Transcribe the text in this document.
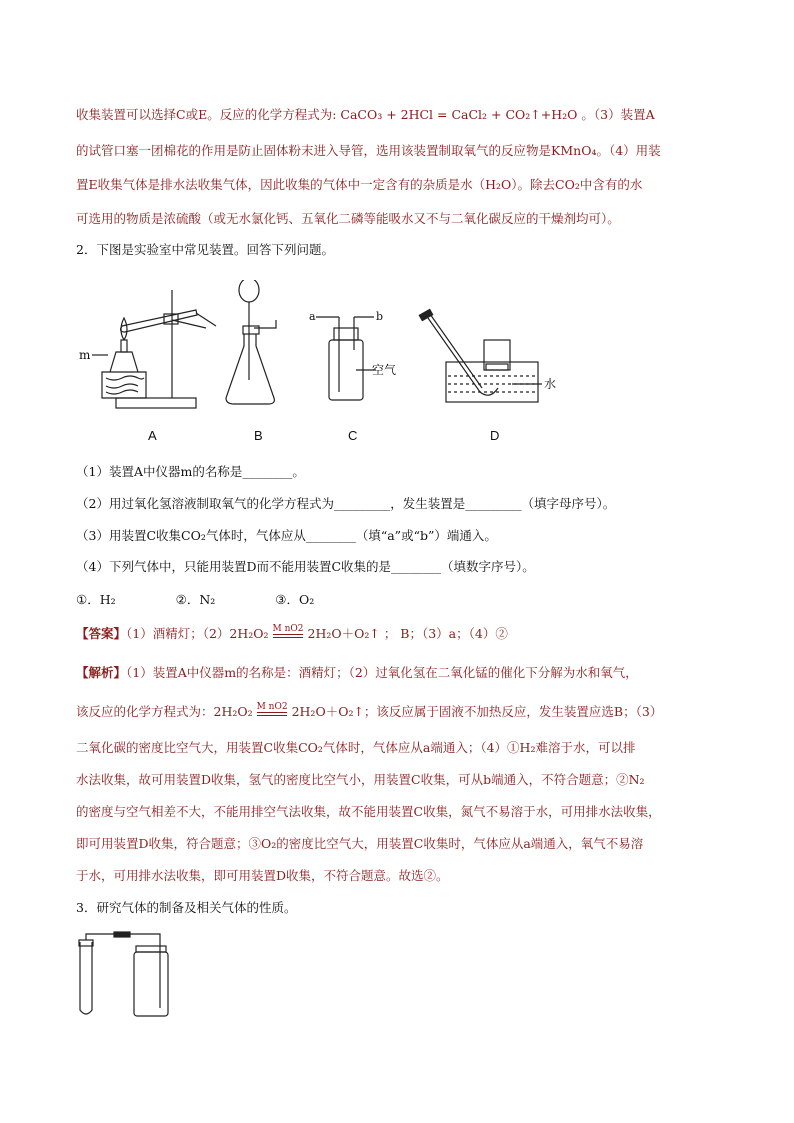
收集装置可以选择C或E。反应的化学方程式为: CaCO₃ + 2HCl = CaCl₂ + CO₂↑+H₂O 。（3）装置A
的试管口塞一团棉花的作用是防止固体粉末进入导管，选用该装置制取氧气的反应物是KMnO₄。（4）用装
置E收集气体是排水法收集气体，因此收集的气体中一定含有的杂质是水（H₂O）。除去CO₂中含有的水
可选用的物质是浓硫酸（或无水氯化钙、五氧化二磷等能吸水又不与二氧化碳反应的干燥剂均可）。
2．下图是实验室中常见装置。回答下列问题。
m
a	b
空气
水
A	B	C	D
（1）装置A中仪器m的名称是________。
（2）用过氧化氢溶液制取氧气的化学方程式为_________，发生装置是_________（填字母序号）。
（3）用装置C收集CO₂气体时，气体应从________（填“a”或“b”）端通入。
（4）下列气体中，只能用装置D而不能用装置C收集的是________（填数字序号）。
①．H₂	②．N₂	③．O₂
【答案】（1）酒精灯；（2）2H₂O₂ M nO2 2H₂O＋O₂↑ ； B；（3）a；（4）②
【解析】（1）装置A中仪器m的名称是：酒精灯；（2）过氧化氢在二氧化锰的催化下分解为水和氧气，
该反应的化学方程式为：2H₂O₂ M nO2 2H₂O＋O₂↑；该反应属于固液不加热反应，发生装置应选B；（3）
二氧化碳的密度比空气大，用装置C收集CO₂气体时，气体应从a端通入；（4）①H₂难溶于水，可以排
水法收集，故可用装置D收集，氢气的密度比空气小，用装置C收集，可从b端通入，不符合题意；②N₂
的密度与空气相差不大，不能用排空气法收集，故不能用装置C收集，氮气不易溶于水，可用排水法收集，
即可用装置D收集，符合题意；③O₂的密度比空气大，用装置C收集时，气体应从a端通入，氧气不易溶
于水，可用排水法收集，即可用装置D收集，不符合题意。故选②。
3．研究气体的制备及相关气体的性质。
